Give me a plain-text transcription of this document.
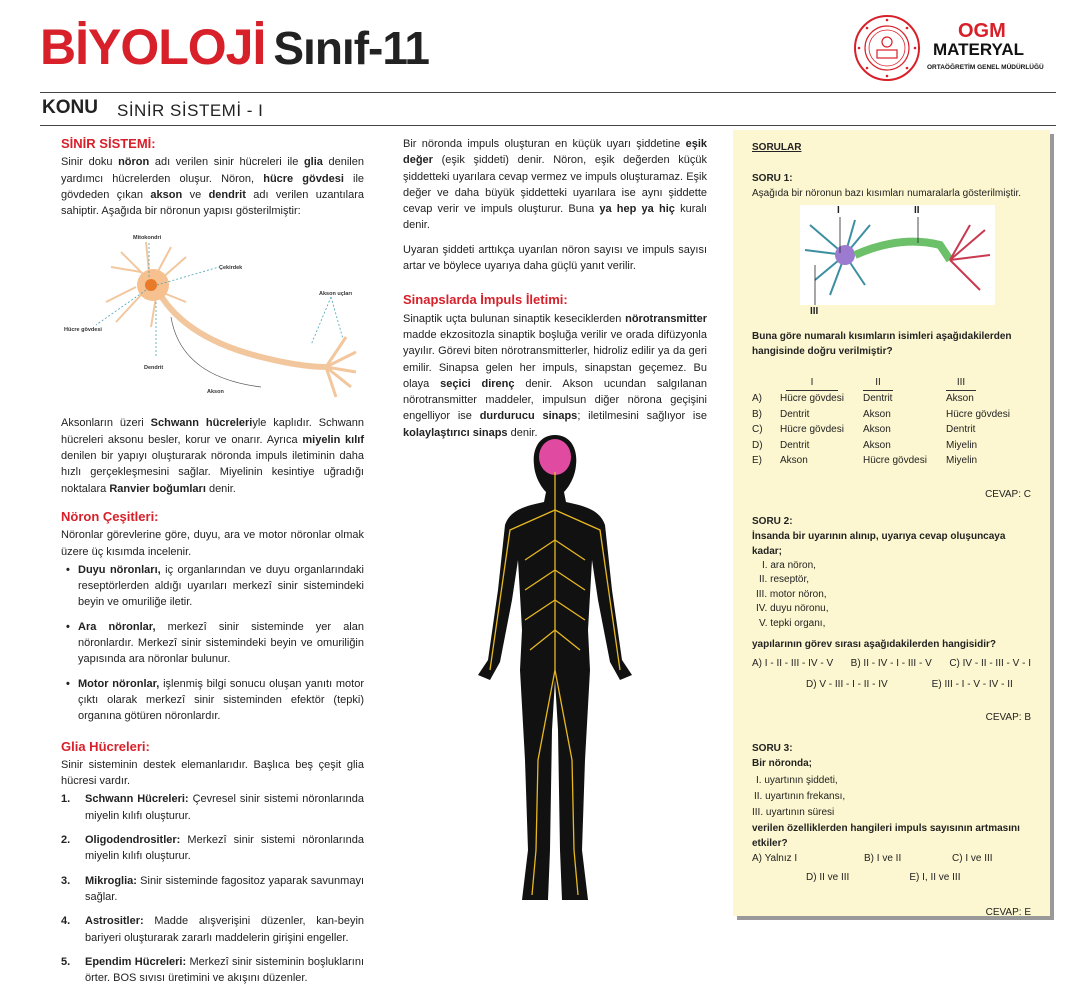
BİYOLOJİ Sınıf-11	OGM
MATERYAL
ORTAÖĞRETİM GENEL MÜDÜRLÜĞÜ
KONU SİNİR SİSTEMİ - I
SİNİR SİSTEMİ:

Sinir doku nöron adı verilen sinir hücreleri ile glia denilen yardımcı hücrelerden oluşur. Nöron, hücre gövdesi ile gövdeden çıkan akson ve dendrit adı verilen uzantılara sahiptir. Aşağıda bir nöronun yapısı gösterilmiştir:

Mitokondri
Çekirdek
Akson uçları
Hücre gövdesi
Dendrit
Akson

Aksonların üzeri Schwann hücreleriyle kaplıdır. Schwann hücreleri aksonu besler, korur ve onarır. Ayrıca miyelin kılıf denilen bir yapıyı oluşturarak nöronda impuls iletiminin daha hızlı gerçekleşmesini sağlar. Miyelinin kesintiye uğradığı noktalara Ranvier boğumları denir.

Nöron Çeşitleri:

Nöronlar görevlerine göre, duyu, ara ve motor nöronlar olmak üzere üç kısımda incelenir.

• Duyu nöronları, iç organlarından ve duyu organlarındaki reseptörlerden aldığı uyarıları merkezî sinir sistemindeki beyin ve omuriliğe iletir.
• Ara nöronlar, merkezî sinir sisteminde yer alan nöronlardır. Merkezî sinir sistemindeki beyin ve omuriliğin yapısında ara nöronlar bulunur.
• Motor nöronlar, işlenmiş bilgi sonucu oluşan yanıtı motor çıktı olarak merkezî sinir sisteminden efektör (tepki) organına götüren nöronlardır.
Glia Hücreleri:

Sinir sisteminin destek elemanlarıdır. Başlıca beş çeşit glia hücresi vardır.

1. Schwann Hücreleri: Çevresel sinir sistemi nöronlarında miyelin kılıfı oluşturur.
2. Oligodendrositler: Merkezî sinir sistemi nöronlarında miyelin kılıfı oluşturur.
3. Mikroglia: Sinir sisteminde fagositoz yaparak savunmayı sağlar.
4. Astrositler: Madde alışverişini düzenler, kan-beyin bariyeri oluşturarak zararlı maddelerin girişini engeller.
5. Ependim Hücreleri: Merkezî sinir sisteminin boşluklarını örter. BOS sıvısı üretimini ve akışını düzenler.

Bir nöronda impuls oluşturan en küçük uyarı şiddetine eşik değer (eşik şiddeti) denir. Nöron, eşik değerden küçük şiddetteki uyarılara cevap vermez ve impuls oluşturamaz. Eşik değer ve daha büyük şiddetteki uyarılara ise aynı şiddette cevap verir ve impuls oluşturur. Buna ya hep ya hiç kuralı denir.

Uyaran şiddeti arttıkça uyarılan nöron sayısı ve impuls sayısı artar ve böylece uyarıya daha güçlü yanıt verilir.

Sinapslarda İmpuls İletimi:

Sinaptik uçta bulunan sinaptik keseciklerden nörotransmitter madde ekzositozla sinaptik boşluğa verilir ve orada difüzyonla yayılır. Görevi biten nörotransmitterler, hidroliz edilir ya da geri emilir. Sinapsa gelen her impuls, sinapstan geçemez. Bu olaya seçici direnç denir. Akson ucundan salgılanan nörotransmitter maddeler, impulsun diğer nörona geçişini engelliyor ise durdurucu sinaps; iletilmesini sağlıyor ise kolaylaştırıcı sinaps denir.

SORULAR
SORU 1:
Aşağıda bir nöronun bazı kısımları numaralarla gösterilmiştir.
I	II
III
Buna göre numaralı kısımların isimleri aşağıdakilerden hangisinde doğru verilmiştir?
	I	II	III
A)	Hücre gövdesi	Dentrit	Akson
B)	Dentrit	Akson	Hücre gövdesi
C)	Hücre gövdesi	Akson	Dentrit
D)	Dentrit	Akson	Miyelin
E)	Akson	Hücre gövdesi	Miyelin
CEVAP: C
SORU 2:
İnsanda bir uyarının alınıp, uyarıya cevap oluşuncaya kadar;
I. ara nöron,
II. reseptör,
III. motor nöron,
IV. duyu nöronu,
V. tepki organı,
yapılarının görev sırası aşağıdakilerden hangisidir?
A) I - II - III - IV - V B) II - IV - I - III - V C) IV - II - III - V - I
D) V - III - I - II - IV	E) III - I - V - IV - II
CEVAP: B
SORU 3:
Bir nöronda;
I. uyartının şiddeti,
II. uyartının frekansı,
III. uyartının süresi
verilen özelliklerden hangileri impuls sayısının artmasını etkiler?
A) Yalnız I	B) I ve II	C) I ve III
D) II ve III	E) I, II ve III
CEVAP: E
